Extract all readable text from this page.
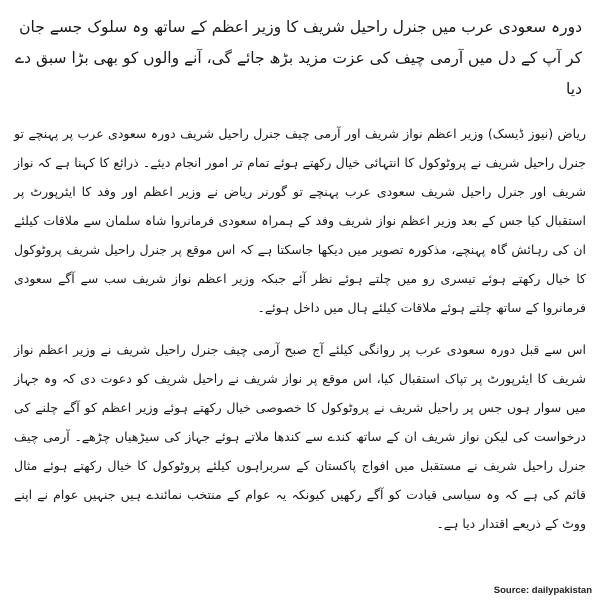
دورہ سعودی عرب میں جنرل راحیل شریف کا وزیر اعظم کے ساتھ وہ سلوک جسے جان کر آپ کے دل میں آرمی چیف کی عزت مزید بڑھ جائے گی، آنے والوں کو بھی بڑا سبق دے دیا

ریاض (نیوز ڈیسک) وزیر اعظم نواز شریف اور آرمی چیف جنرل راحیل شریف دورہ سعودی عرب پر پہنچے تو جنرل راحیل شریف نے پروٹوکول کا انتہائی خیال رکھتے ہوئے تمام تر امور انجام دیئے۔ ذرائع کا کہنا ہے کہ نواز شریف اور جنرل راحیل شریف سعودی عرب پہنچے تو گورنر ریاض نے وزیر اعظم اور وفد کا ایئرپورٹ پر استقبال کیا جس کے بعد وزیر اعظم نواز شریف وفد کے ہمراہ سعودی فرمانروا شاہ سلمان سے ملاقات کیلئے ان کی رہائش گاہ پہنچے، مذکورہ تصویر میں دیکھا جاسکتا ہے کہ اس موقع پر جنرل راحیل شریف پروٹوکول کا خیال رکھتے ہوئے تیسری رو میں چلتے ہوئے نظر آئے جبکہ وزیر اعظم نواز شریف سب سے آگے سعودی فرمانروا کے ساتھ چلتے ہوئے ملاقات کیلئے ہال میں داخل ہوئے۔

اس سے قبل دورہ سعودی عرب پر روانگی کیلئے آج صبح آرمی چیف جنرل راحیل شریف نے وزیر اعظم نواز شریف کا ایئرپورٹ پر تپاک استقبال کیا، اس موقع پر نواز شریف نے راحیل شریف کو دعوت دی کہ وہ جہاز میں سوار ہوں جس پر راحیل شریف نے پروٹوکول کا خصوصی خیال رکھتے ہوئے وزیر اعظم کو آگے چلنے کی درخواست کی لیکن نواز شریف ان کے ساتھ کندے سے کندھا ملاتے ہوئے جہاز کی سیڑھیاں چڑھے۔ آرمی چیف جنرل راحیل شریف نے مستقبل میں افواج پاکستان کے سربراہوں کیلئے پروٹوکول کا خیال رکھتے ہوئے مثال قائم کی ہے کہ وہ سیاسی قیادت کو آگے رکھیں کیونکہ یہ عوام کے منتخب نمائندے ہیں جنہیں عوام نے اپنے ووٹ کے ذریعے اقتدار دیا ہے۔

Source: dailypakistan
